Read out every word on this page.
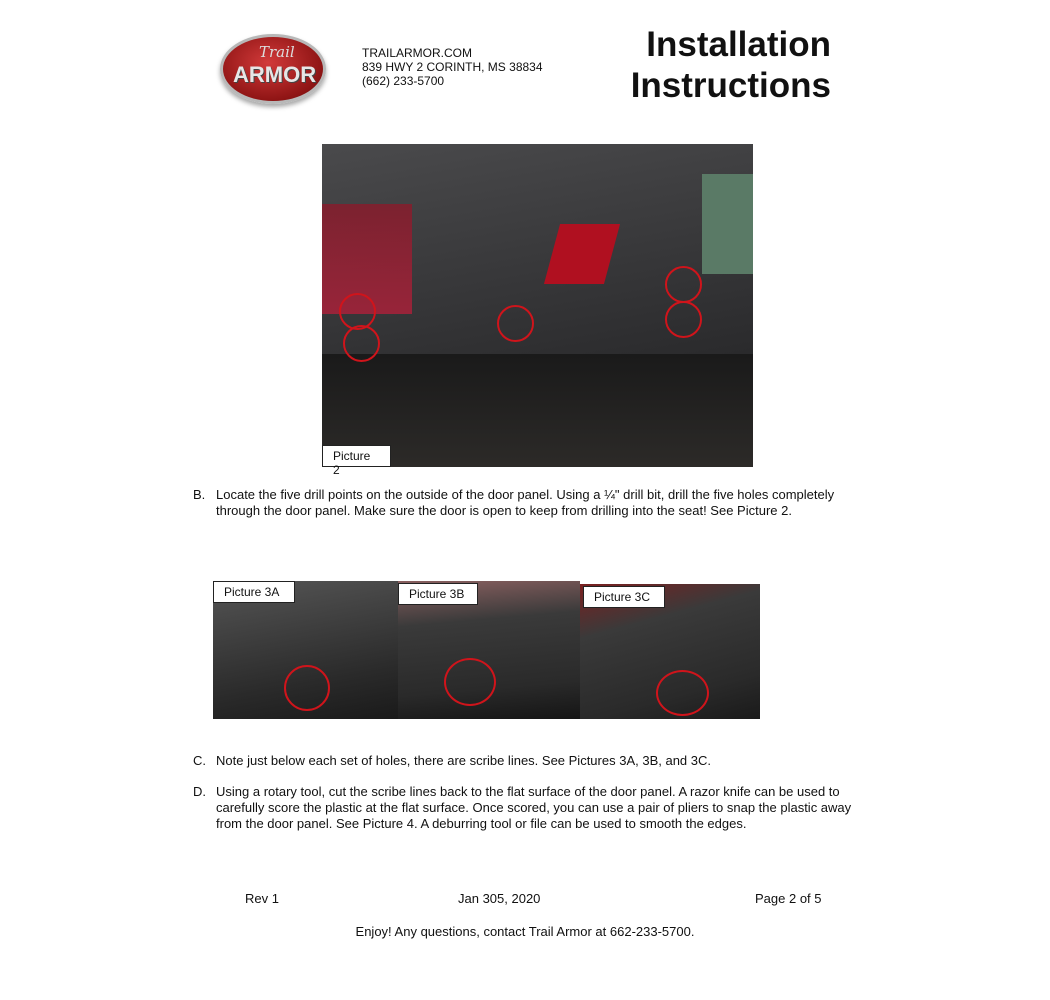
Trail
ARMOR
TRAILARMOR.COM
839 HWY 2 CORINTH, MS 38834
(662) 233-5700
Installation
Instructions
Picture 2
B. Locate the five drill points on the outside of the door panel. Using a ¼" drill bit, drill the five holes completely through the door panel. Make sure the door is open to keep from drilling into the seat! See Picture 2.
Picture 3A	Picture 3B	Picture 3C
C. Note just below each set of holes, there are scribe lines. See Pictures 3A, 3B, and 3C.
D. Using a rotary tool, cut the scribe lines back to the flat surface of the door panel. A razor knife can be used to carefully score the plastic at the flat surface. Once scored, you can use a pair of pliers to snap the plastic away from the door panel. See Picture 4. A deburring tool or file can be used to smooth the edges.
Rev 1	Jan 305, 2020	Page 2 of 5
Enjoy! Any questions, contact Trail Armor at 662-233-5700.
